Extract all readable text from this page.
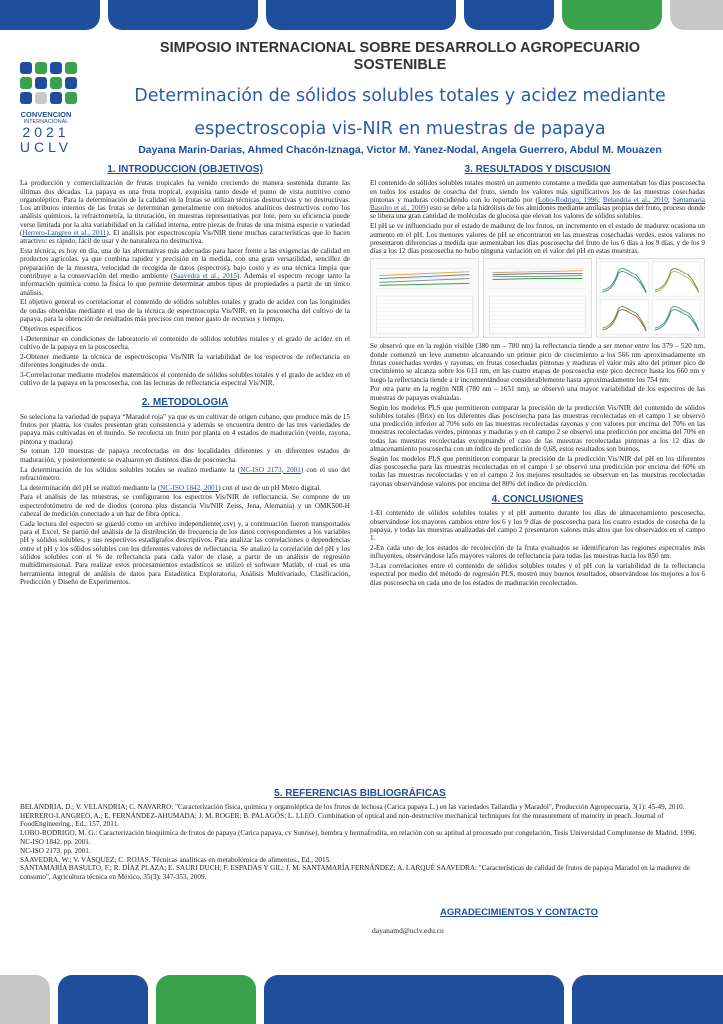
CONVENCION
INTERNACIONAL
2021
UCLV
SIMPOSIO INTERNACIONAL SOBRE DESARROLLO AGROPECUARIO
SOSTENIBLE
Determinación de sólidos solubles totales y acidez mediante
espectroscopia vis-NIR en muestras de papaya
Dayana Marin-Darias, Ahmed Chacón-Iznaga, Victor M. Yanez-Nodal, Angela Guerrero, Abdul M. Mouazen
1. INTRODUCCION (OBJETIVOS)

La producción y comercialización de frutas tropicales ha venido creciendo de manera sostenida durante las últimas dos décadas. La papaya es una fruta tropical, exquisita tanto desde el punto de vista nutritivo como organoléptico. Para la determinación de la calidad en la frutas se utilizan técnicas destructivas y no destructivas. Los atributos internos de las frutas se determinan generalmente con métodos analíticos destructivos como los análisis químicos, la refractometría, la titruración, en muestras representativas por lote, pero su eficiencia puede verse limitada por la alta variabilidad en la calidad interna, entre piezas de frutas de una misma especie o variedad (Herrero-Langreo et al., 2011). El análisis por espectroscopia Vis/NIR tiene muchas características que lo hacen atractivo: es rápido, fácil de usar y de naturaleza no destructiva.

Esta técnica, es hoy en día, una de las alternativas más adecuadas para hacer frente a las exigencias de calidad en productos agrícolas, ya que combina rapidez y precisión en la medida, con una gran versatilidad, sencillez de preparación de la muestra, velocidad de recogida de datos (espectros), bajo costo y es una técnica limpia que contribuye a la conservación del medio ambiente (Saavedra et al., 2015). Además el espectro recoge tanto la información química como la física lo que permite determinar ambos tipos de propiedades a partir de un único análisis.

El objetivo general es correlacionar el contenido de sólidos solubles totales y grado de acidez con las longitudes de ondas obtenidas mediante el uso de la técnica de espectroscopia Vis/NIR, en la poscosecha del cultivo de la papaya, para la obtención de resultados más precisos con menor gasto de recursos y tiempo.

Objetivos específicos

1-Determinar en condiciones de laboratorio el contenido de sólidos solubles totales y el grado de acidez en el cultivo de la papaya en la poscosecha.

2-Obtener mediante la técnica de espectroscopia Vis/NIR la variabilidad de los espectros de reflectancia en diferentes longitudes de onda.

3-Correlacionar mediante modelos matemáticos el contenido de sólidos solubles totales y el grado de acidez en el cultivo de la papaya en la poscosecha, con las lecturas de reflectancia espectral Vis/NIR.

2. METODOLOGIA

Se seleciona la variedad de papaya “Maradol roja” ya que es un cultivar de origen cubano, que produce más de 15 frutos por planta, los cuales presentan gran consistencia y además se encuentra dentro de las tres variedades de papaya más cultivadas en el mundo. Se recolecta un fruto por planta en 4 estados de maduración (verde, rayona, pintona y madura)

Se toman 120 muestras de papaya recolectadas en dos localidades diferentes y en diferentes estados de maduración, y posteriormente se evaluaron en distintos días de poscosecha.

La determinación de los sólidos solubles totales se realizó mediante la (NC-ISO 2173, 2001) con el uso del refractómetro.

La determinación del pH se realizó mediante la (NC-ISO 1842, 2001) con el uso de un pH Metro digital.

Para el análisis de las muestras, se configuraron los espectros Vis/NIR de reflectancia. Se compone de un espectrofotómetro de red de diodos (corona plus distancia Vis/NIR Zeiss, Jena, Alemania) y un OMK500-H cabezal de medición conectado a un haz de fibra óptica.

Cada lectura del espectro se guardó como un archivo independiente(.csv) y, a continuación fueron transportados para el Excel. Se partió del análisis de la distribución de frecuencia de los datos correspondientes a los variables pH y sólidos solubles, y sus respectivos estadígrafos descriptivos. Para analizar las correlaciones o dependencias entre el pH y los sólidos solubles con los diferentes valores de reflectancia. Se analizó la correlación del pH y los sólidos solubles con el % de reflectancia para cada valor de clase, a partir de un análisis de regresión multidimensional. Para realizar estos procesamientos estadísticos se utilizó el software Matlab, el cual es una herramienta integral de análisis de datos para Estadística Exploratoria, Análisis Multivariado, Clasificación, Predicción y Diseño de Experimentos.

3. RESULTADOS Y DISCUSION

El contenido de sólidos solubles totales mostró un aumento constante a medida que aumentaban los días poscosecha en todos los estados de cosecha del fruto, siendo los valores más significativos los de las muestras cosechadas pintonas y maduras coincidiendo con lo reportado por (Lobo-Rodrigo, 1996; Belandria et al., 2010; Santamaría Basulto et al., 2009) esto se debe a la hidrólisis de los almidones mediante amilasas propias del fruto, proceso donde se libera una gran cantidad de moléculas de glucosa que elevan los valores de sólidos solubles.

El pH se ve influenciado por el estado de madurez de los frutos, un incremento en el estado de madurez ocasiona un aumento en el pH. Los menores valores de pH se encontraron en las muestras cosechadas verdes, estos valores no presentaron diferencias a medida que aumentaban los días poscosecha del fruto de los 6 días a los 9 días, y de los 9 días a los 12 días poscosecha no hubo ninguna variación en el valor del pH en estas muestras.

Se observó que en la región visible (380 nm – 780 nm) la reflectancia tiende a ser menor entre los 379 – 520 nm, donde comenzó un leve aumento alcanzando un primer pico de crecimiento a los 566 nm aproximadamente en frutas cosechadas verdes y rayonas, en frutas cosechadas pintonas y maduras el valor más alto del primer pico de crecimiento se alcanza sobre los 613 nm, en las cuatro etapas de poscosecha este pico decrece hasta los 660 nm y luego la reflectancia tiende a ir incrementándose considerablemente hasta aproximadamente los 754 nm.

Por otra parte en la región NIR (780 nm – 1651 nm), se observó una mayor variabilidad de los espectros de las muestras de papayas evaluadas.

Según los modelos PLS que permitieron comparar la precisión de la predicción Vis/NIR del contenido de sólidos solubles totales (Brix) en los diferentes días poscosecha para las muestras recolectadas en el campo 1 se observó una predicción inferior al 70% solo en las muestras recolectadas rayonas y con valores por encima del 70% en las muestras recolectadas verdes, pintonas y maduras y en el campo 2 se observó una predicción por encima del 70% en todas las muestras recolectadas exceptuando el caso de las muestras recolectadas pintonas a los 12 días de almacenamiento poscosecha con un índice de predicción de 0,68, estos resultados son buenos.

Según los modelos PLS que permitieron comparar la precisión de la predicción Vis/NIR del pH en los diferentes días poscosecha para las muestras recolectadas en el campo 1 se observó una predicción por encima del 60% en todas las muestras recolectadas y en el campo 2 los mejores resultados se observan en las muestras recolectadas rayonas observándose valores por encima del 80% del índice de predicción.

4. CONCLUSIONES

1-El contenido de sólidos solubles totales y el pH aumento durante los días de almacenamiento poscosecha, observándose los mayores cambios entre los 6 y los 9 días de poscosecha para los cuatro estados de cosecha de la papaya, y todas las muestras analizadas del campo 2 presentaron valores más altos que los observados en el campo 1.

2-En cada uno de los estados de recolección de la fruta evaluados se identificaron las regiones espectrales más influyentes, observándose la5s mayores valores de reflectancia para todas las muestras hacia los 850 nm.

3-Las correlaciones entre el contenido de sólidos solubles totales y el pH con la variabilidad de la reflectancia espectral por medio del método de regresión PLS, mostró muy buenos resultados, observándose los mejores a los 6 días poscosecha en cada uno de los estados de maduración recolectados.

5. REFERENCIAS BIBLIOGRÁFICAS

BELANDRIA, D.; V. VELANDRIA; C. NAVARRO: "Caracterización física, química y organoléptica de los frutos de lechosa (Carica papaya L.) en las variedades Tailandia y Maradol", Producción Agropecuaria, 3(1): 45-49, 2010.

HERRERO-LANGREO, A.; E. FERNÁNDEZ-AHUMADA; J. M. ROGER; B. PALAGÓS; L. LLEÓ. Combination of optical and non-destructive mechanical techniques for the measurement of maturity in peach. Journal of FoodEngineering., Ed., 157, 2011.

LOBO-RODRIGO, M. G.: Caracterización bioquímica de frutos de papaya (Carica papaya, cv Sunrise), hembra y hermafrodita, en relación con su aptitud al procesado por congelación, Tesis Universidad Complutense de Madrid, 1996.

NC-ISO 1842. pp. 2001.

NC-ISO 2173. pp. 2001.

SAAVEDRA, W.; V. VÁSQUEZ; C. ROJAS. Técnicas analíticas en metabolómica de alimentos., Ed., 2015.

SANTAMARÍA BASULTO, F.; R. DÍAZ PLAZA; E. SAURI DUCH; F. ESPADAS Y GIL; J. M. SANTAMARÍA FERNÁNDEZ; A. LARQUÉ SAAVEDRA: "Características de calidad de frutos de papaya Maradol en la madurez de consumo", Agricultura técnica en México, 35(3): 347-353, 2009.

AGRADECIMIENTOS Y CONTACTO
dayanamd@uclv.edu.cu
